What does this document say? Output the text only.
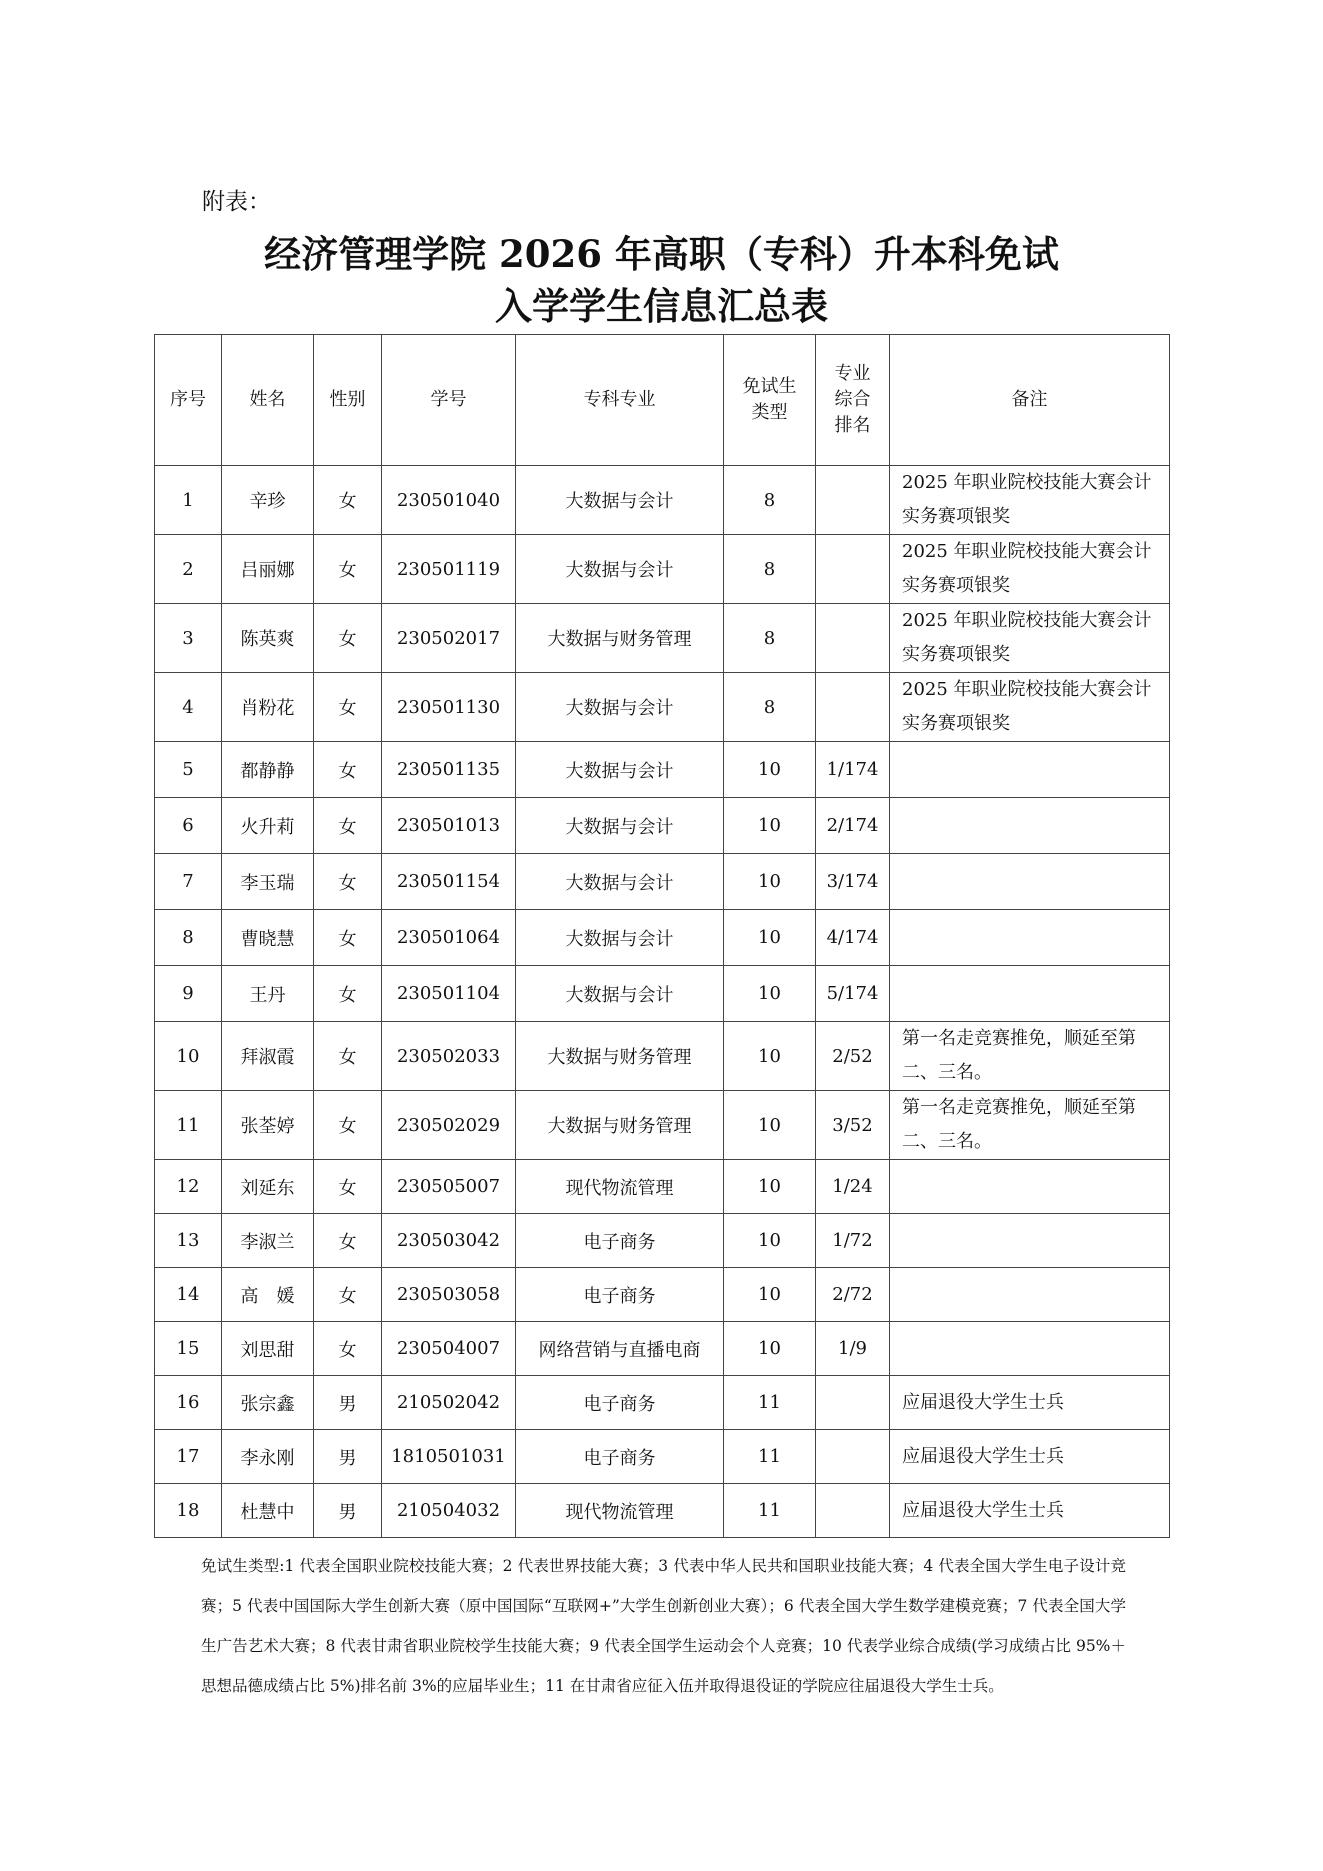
附表：
经济管理学院 2026 年高职（专科）升本科免试
入学学生信息汇总表
序号	姓名	性别	学号	专科专业	免试生类型	专业综合排名	备注
1	辛珍	女	230501040	大数据与会计	8		2025 年职业院校技能大赛会计实务赛项银奖
2	吕丽娜	女	230501119	大数据与会计	8		2025 年职业院校技能大赛会计实务赛项银奖
3	陈英爽	女	230502017	大数据与财务管理	8		2025 年职业院校技能大赛会计实务赛项银奖
4	肖粉花	女	230501130	大数据与会计	8		2025 年职业院校技能大赛会计实务赛项银奖
5	都静静	女	230501135	大数据与会计	10	1/174	
6	火升莉	女	230501013	大数据与会计	10	2/174	
7	李玉瑞	女	230501154	大数据与会计	10	3/174	
8	曹晓慧	女	230501064	大数据与会计	10	4/174	
9	王丹	女	230501104	大数据与会计	10	5/174	
10	拜淑霞	女	230502033	大数据与财务管理	10	2/52	第一名走竞赛推免，顺延至第二、三名。
11	张荃婷	女	230502029	大数据与财务管理	10	3/52	第一名走竞赛推免，顺延至第二、三名。
12	刘延东	女	230505007	现代物流管理	10	1/24	
13	李淑兰	女	230503042	电子商务	10	1/72	
14	高　媛	女	230503058	电子商务	10	2/72	
15	刘思甜	女	230504007	网络营销与直播电商	10	1/9	
16	张宗鑫	男	210502042	电子商务	11		应届退役大学生士兵
17	李永刚	男	1810501031	电子商务	11		应届退役大学生士兵
18	杜慧中	男	210504032	现代物流管理	11		应届退役大学生士兵
免试生类型:1 代表全国职业院校技能大赛；2 代表世界技能大赛；3 代表中华人民共和国职业技能大赛；4 代表全国大学生电子设计竞赛；5 代表中国国际大学生创新大赛（原中国国际“互联网+”大学生创新创业大赛）；6 代表全国大学生数学建模竞赛；7 代表全国大学生广告艺术大赛；8 代表甘肃省职业院校学生技能大赛；9 代表全国学生运动会个人竞赛；10 代表学业综合成绩(学习成绩占比 95%＋思想品德成绩占比 5%)排名前 3%的应届毕业生；11 在甘肃省应征入伍并取得退役证的学院应往届退役大学生士兵。
